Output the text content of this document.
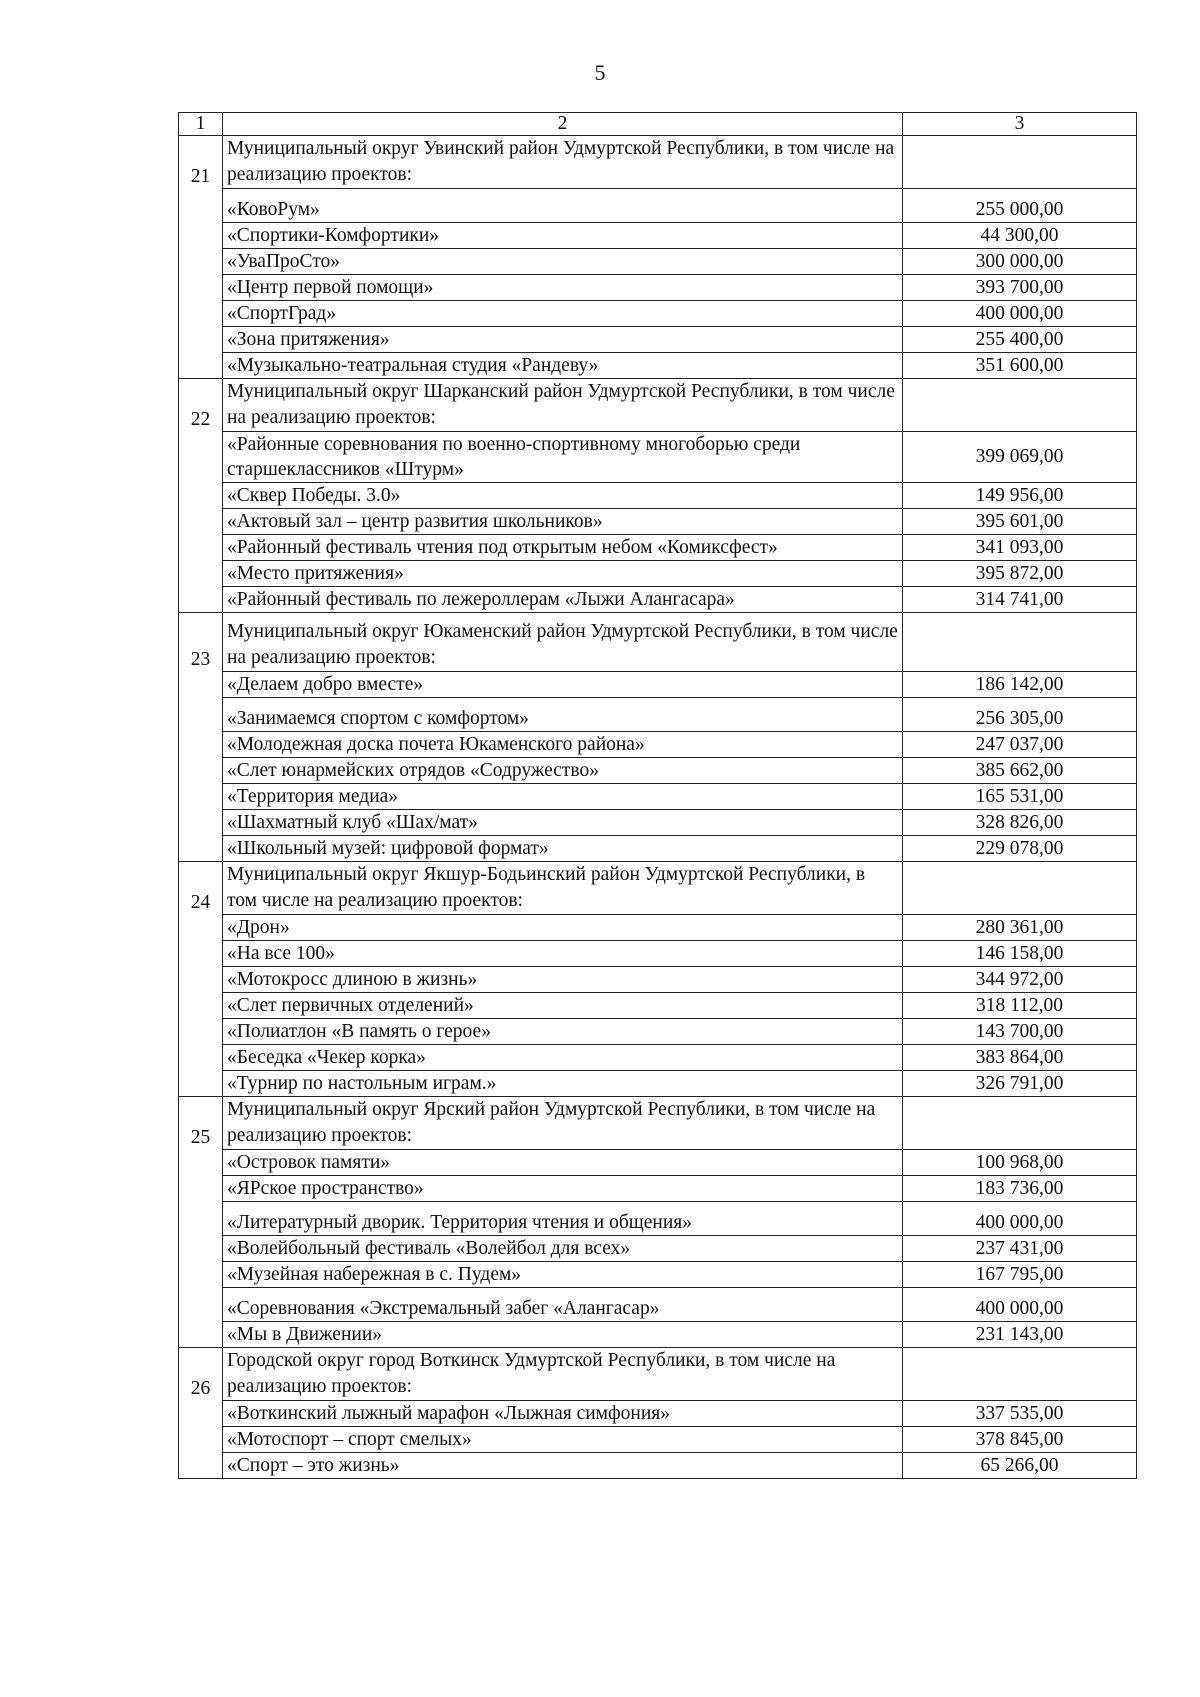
5
1	2	3
21	Муниципальный округ Увинский район Удмуртской Республики, в том числе на реализацию проектов:	
	«КовоРум»	255 000,00
	«Спортики-Комфортики»	44 300,00
	«УваПроСто»	300 000,00
	«Центр первой помощи»	393 700,00
	«СпортГрад»	400 000,00
	«Зона притяжения»	255 400,00
	«Музыкально-театральная студия «Рандеву»	351 600,00
22	Муниципальный округ Шарканский район Удмуртской Республики, в том числе на реализацию проектов:	
	«Районные соревнования по военно-спортивному многоборью среди старшеклассников «Штурм»	399 069,00
	«Сквер Победы. 3.0»	149 956,00
	«Актовый зал – центр развития школьников»	395 601,00
	«Районный фестиваль чтения под открытым небом «Комиксфест»	341 093,00
	«Место притяжения»	395 872,00
	«Районный фестиваль по лежероллерам «Лыжи Алангасара»	314 741,00
23	Муниципальный округ Юкаменский район Удмуртской Республики, в том числе на реализацию проектов:	
	«Делаем добро вместе»	186 142,00
	«Занимаемся спортом с комфортом»	256 305,00
	«Молодежная доска почета Юкаменского района»	247 037,00
	«Слет юнармейских отрядов «Содружество»	385 662,00
	«Территория медиа»	165 531,00
	«Шахматный клуб «Шах/мат»	328 826,00
	«Школьный музей: цифровой формат»	229 078,00
24	Муниципальный округ Якшур-Бодьинский район Удмуртской Республики, в том числе на реализацию проектов:	
	«Дрон»	280 361,00
	«На все 100»	146 158,00
	«Мотокросс длиною в жизнь»	344 972,00
	«Слет первичных отделений»	318 112,00
	«Полиатлон «В память о герое»	143 700,00
	«Беседка «Чекер корка»	383 864,00
	«Турнир по настольным играм.»	326 791,00
25	Муниципальный округ Ярский район Удмуртской Республики, в том числе на реализацию проектов:	
	«Островок памяти»	100 968,00
	«ЯРское пространство»	183 736,00
	«Литературный дворик. Территория чтения и общения»	400 000,00
	«Волейбольный фестиваль «Волейбол для всех»	237 431,00
	«Музейная набережная в с. Пудем»	167 795,00
	«Соревнования «Экстремальный забег «Алангасар»	400 000,00
	«Мы в Движении»	231 143,00
26	Городской округ город Воткинск Удмуртской Республики, в том числе на реализацию проектов:	
	«Воткинский лыжный марафон «Лыжная симфония»	337 535,00
	«Мотоспорт – спорт смелых»	378 845,00
	«Спорт – это жизнь»	65 266,00
